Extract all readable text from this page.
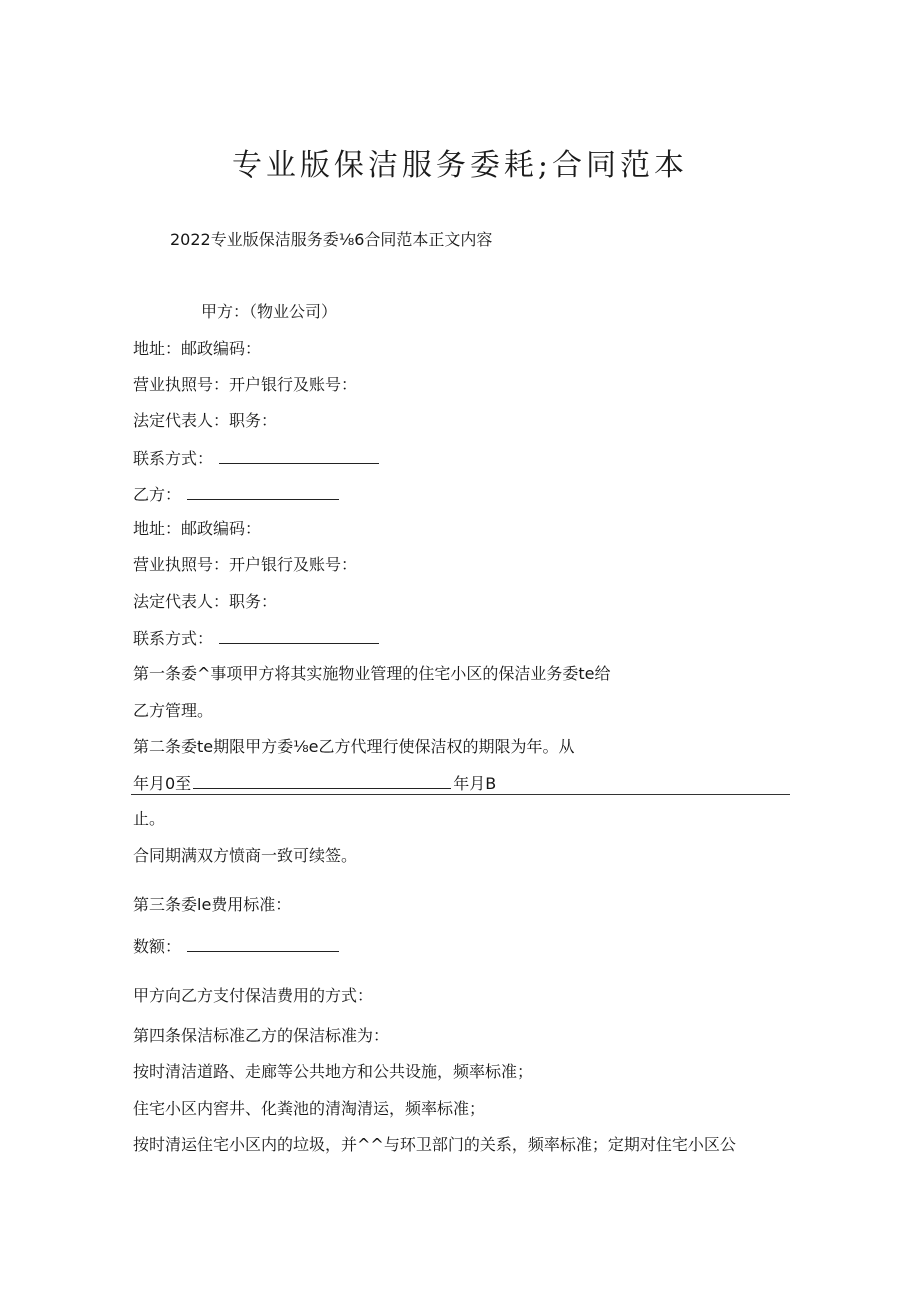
专业版保洁服务委耗;合同范本
2022专业版保洁服务委⅛6合同范本正文内容
甲方：（物业公司）
地址：邮政编码：
营业执照号：开户银行及账号：
法定代表人：职务：
联系方式：
乙方：
地址：邮政编码：
营业执照号：开户银行及账号：
法定代表人：职务：
联系方式：
第一条委^事项甲方将其实施物业管理的住宅小区的保洁业务委te给
乙方管理。
第二条委te期限甲方委⅛e乙方代理行使保洁权的期限为年。从
年月0至	年月B
止。
合同期满双方愤商一致可续签。
第三条委le费用标准：
数额：
甲方向乙方支付保洁费用的方式：
第四条保洁标准乙方的保洁标准为：
按时清洁道路、走廊等公共地方和公共设施，频率标准；
住宅小区内窖井、化粪池的清淘清运，频率标准；
按时清运住宅小区内的垃圾，并^^与环卫部门的关系，频率标准；定期对住宅小区公
